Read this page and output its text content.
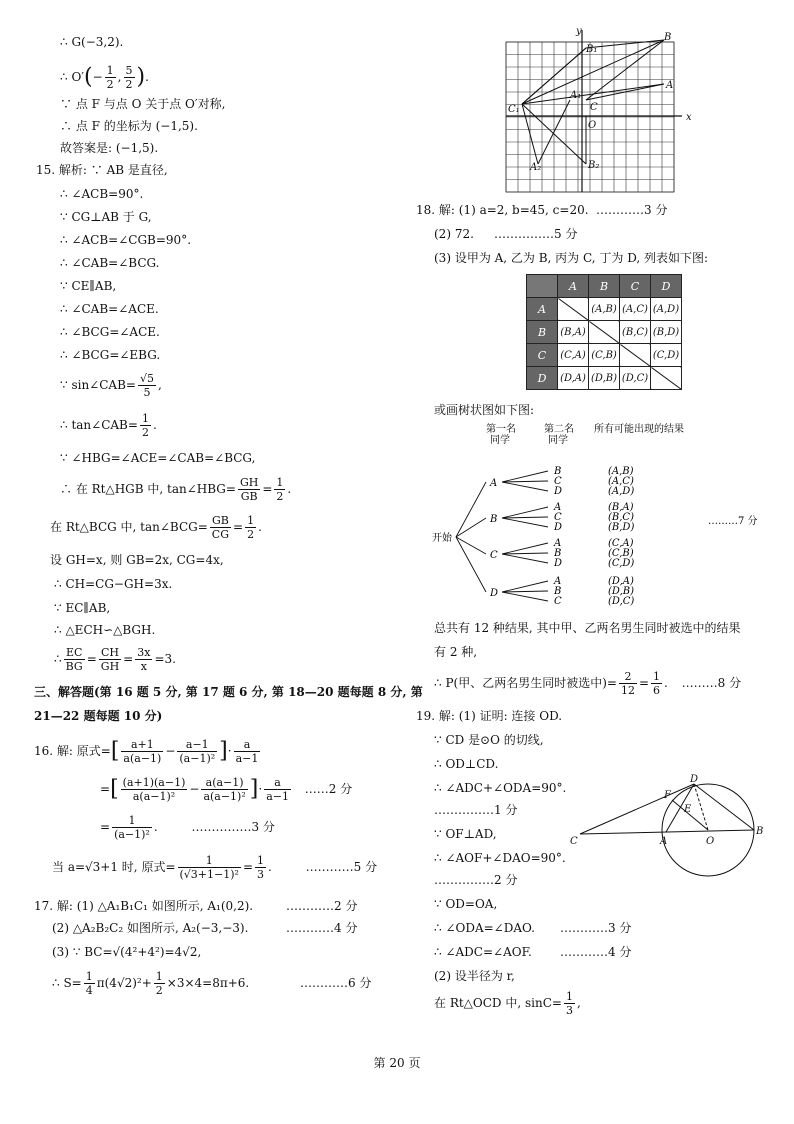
∴ G(−3,2).
∴ $O'(- \frac{1}{2}$ , $\frac{5}{2}$ ).
∵ 点 F 与点 O 关于点 O′对称,
∴ 点 F 的坐标为 (−1,5).
故答案是: (−1,5).
15. 解析: ∵ AB 是直径,
∴ ∠ACB=90°.
∵ CG⊥AB 于 G,
∴ ∠ACB=∠CGB=90°.
∴ ∠CAB=∠BCG.
∵ CE∥AB,
∴ ∠CAB=∠ACE.
∴ ∠BCG=∠ACE.
∴ ∠BCG=∠EBG.
∵ sin∠CAB= $\frac{√5}{5}$ ,
∴ tan∠CAB= $\frac{1}{2}$ .
∵ ∠HBG=∠ACE=∠CAB=∠BCG,
∴ 在 Rt△HGB 中, tan∠HBG= $\frac{GH}{GB} = \frac{1}{2}$ .
在 Rt△BCG 中, tan∠BCG= $\frac{GB}{CG} = \frac{1}{2}$ .
设 GH=x, 则 GB=2x, CG=4x,
∴ CH=CG−GH=3x.
∵ EC∥AB,
∴ △ECH∽△BGH.
∴ $\frac{EC}{BG} = \frac{CH}{GH} = \frac{3x}{x} =3$.
三、解答题(第 16 题 5 分, 第 17 题 6 分, 第 18—20 题每题 8 分, 第
21—22 题每题 10 分)
16. 解: 原式=[ $\frac{a+1}{a(a-1)} - \frac{a-1}{\text{(a−1)²}}$ ]· $\frac{a}{a-1}$
=[ $\frac{(a+1)(a-1)}{\text{a(a−1)²}} - \frac{a(a-1)}{\text{a(a−1)²}}$ ]· $\frac{a}{a-1}$ ……2 分
= $\frac{1}{\text{(a−1)²}}$ .	……………3 分
当 a=√3+1 时, 原式= $\frac{1}{\text{(√3+1−1)²}} = \frac{1}{3}$ .	…………5 分
17. 解: (1) △A₁B₁C₁ 如图所示, A₁(0,2).	…………2 分
(2) △A₂B₂C₂ 如图所示, A₂(−3,−3).	…………4 分
(3) ∵ BC=√(4²+4²)=4√2,
∴ $S= \frac{1}{4} \pi(4√2)^2+ \frac{1}{2} \times 3\times 4=8\pi+6$.	…………6 分
y
x
O
B
B₁
A
A₁
C
C₁
A₂	B₂
18. 解: (1) a=2, b=45, c=20. …………3 分
(2) 72. ……………5 分
(3) 设甲为 A, 乙为 B, 丙为 C, 丁为 D, 列表如下图:
	A	B	C	D
A		(A,B)	(A,C)	(A,D)
B	(B,A)		(B,C)	(B,D)
C	(C,A)	(C,B)		(C,D)
D	(D,A)	(D,B)	(D,C)	
或画树状图如下图:
第一名
同学
第二名
同学
所有可能出现的结果
开始
A
B	(A,B)
C	(A,C)
D	(A,D)
B
A	(B,A)
C	(B,C)
D	(B,D)
C
A	(C,A)
B	(C,B)
D	(C,D)
D
A	(D,A)
B	(D,B)
C	(D,C)
………7 分
总共有 12 种结果, 其中甲、乙两名男生同时被选中的结果
有 2 种,
∴ P(甲、乙两名男生同时被选中)= $\frac{2}{12} = \frac{1}{6}$ . ………8 分
19. 解: (1) 证明: 连接 OD.
∵ CD 是⊙O 的切线,
∴ OD⊥CD.
∴ ∠ADC+∠ODA=90°.
……………1 分
∵ OF⊥AD,
∴ ∠AOF+∠DAO=90°.
……………2 分
∵ OD=OA,
∴ ∠ODA=∠DAO. …………3 分
∴ ∠ADC=∠AOF. …………4 分
(2) 设半径为 r,
在 Rt△OCD 中, $\sin C= \frac{1}{3}$ ,
D
F
E
C	A	O
B
第 20 页
